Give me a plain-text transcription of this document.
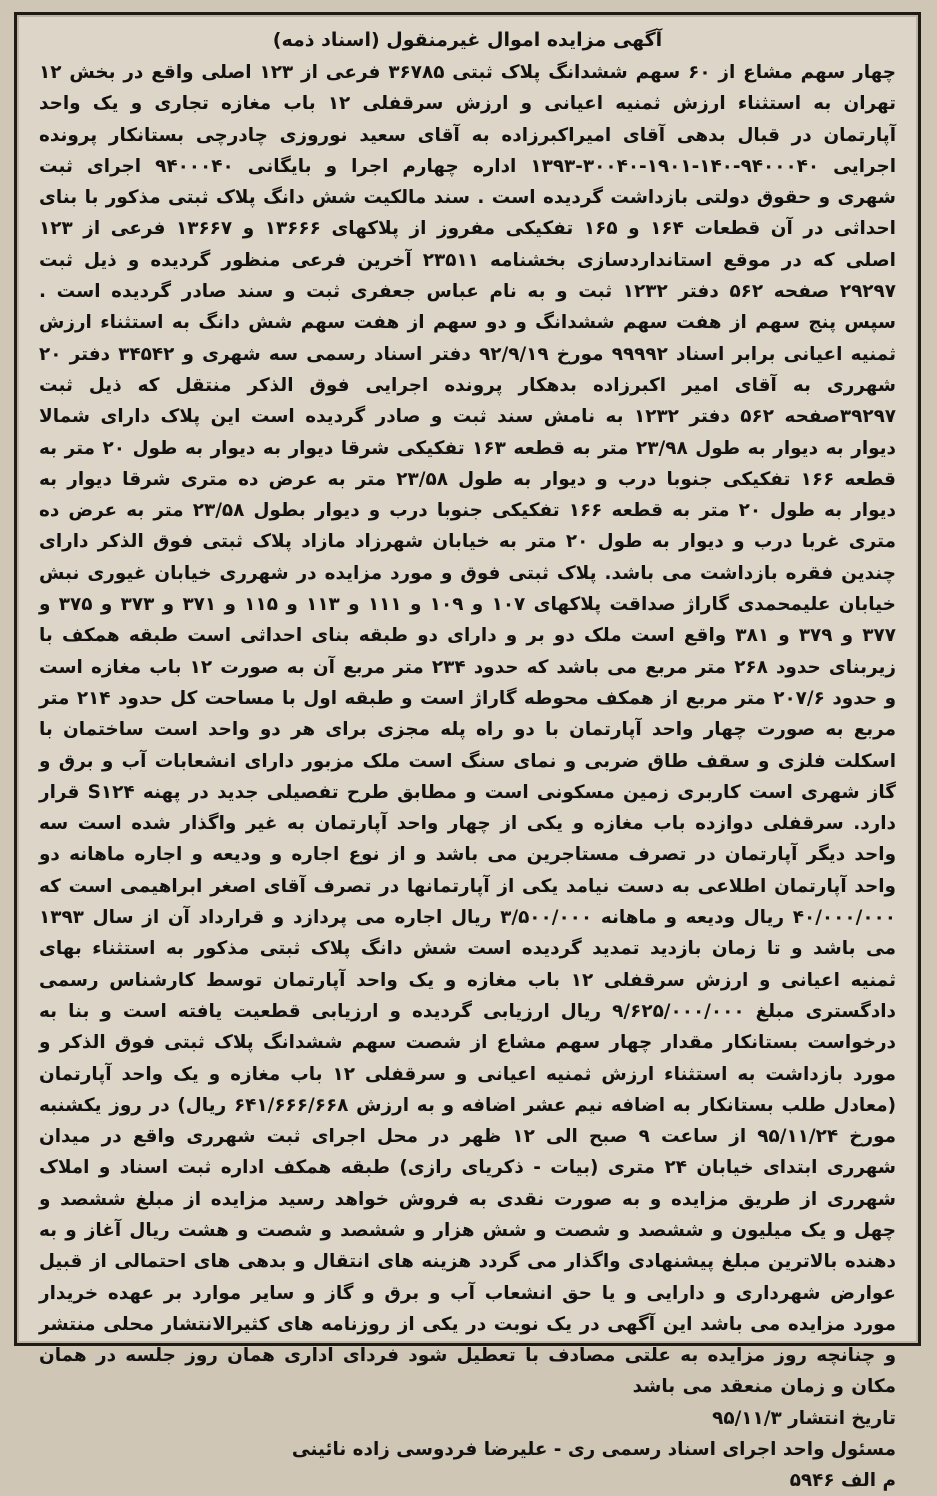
آگهی مزایده اموال غیرمنقول (اسناد ذمه)

چهار سهم مشاع از ۶۰ سهم ششدانگ پلاک ثبتی ۳۶۷۸۵ فرعی از ۱۲۳ اصلی واقع در بخش ۱۲ تهران به استثناء ارزش ثمنیه اعیانی و ارزش سرقفلی ۱۲ باب مغازه تجاری و یک واحد آپارتمان در قبال بدهی آقای امیراکبرزاده به آقای سعید نوروزی چادرچی بستانکار پرونده اجرایی ۹۴۰۰۰۴۰-۱۴۰-۱۹۰۱-۳۰۰۴۰-۱۳۹۳ اداره چهارم اجرا و بایگانی ۹۴۰۰۰۴۰ اجرای ثبت شهری و حقوق دولتی بازداشت گردیده است . سند مالکیت شش دانگ پلاک ثبتی مذکور با بنای احداثی در آن قطعات ۱۶۴ و ۱۶۵ تفکیکی مفروز از پلاکهای ۱۳۶۶۶ و ۱۳۶۶۷ فرعی از ۱۲۳ اصلی که در موقع استانداردسازی بخشنامه ۲۳۵۱۱ آخرین فرعی منظور گردیده و ذیل ثبت ۲۹۲۹۷ صفحه ۵۶۲ دفتر ۱۲۳۲ ثبت و به نام عباس جعفری ثبت و سند صادر گردیده است . سپس پنج سهم از هفت سهم ششدانگ و دو سهم از هفت سهم شش دانگ به استثناء ارزش ثمنیه اعیانی برابر اسناد ۹۹۹۹۲ مورخ ۹۲/۹/۱۹ دفتر اسناد رسمی سه شهری و ۳۴۵۴۲ دفتر ۲۰ شهرری به آقای امیر اکبرزاده بدهکار پرونده اجرایی فوق الذکر منتقل که ذیل ثبت ۳۹۲۹۷صفحه ۵۶۲ دفتر ۱۲۳۲ به نامش سند ثبت و صادر گردیده است این پلاک دارای شمالا دیوار به دیوار به طول ۲۳/۹۸ متر به قطعه ۱۶۳ تفکیکی شرقا دیوار به دیوار به طول ۲۰ متر به قطعه ۱۶۶ تفکیکی جنوبا درب و دیوار به طول ۲۳/۵۸ متر به عرض ده متری شرقا دیوار به دیوار به طول ۲۰ متر به قطعه ۱۶۶ تفکیکی جنوبا درب و دیوار بطول ۲۳/۵۸ متر به عرض ده متری غربا درب و دیوار به طول ۲۰ متر به خیابان شهرزاد مازاد پلاک ثبتی فوق الذکر دارای چندین فقره بازداشت می باشد. پلاک ثبتی فوق و مورد مزایده در شهرری خیابان غیوری نبش خیابان علیمحمدی گاراژ صداقت پلاکهای ۱۰۷ و ۱۰۹ و ۱۱۱ و ۱۱۳ و ۱۱۵ و ۳۷۱ و ۳۷۳ و ۳۷۵ و ۳۷۷ و ۳۷۹ و ۳۸۱ واقع است ملک دو بر و دارای دو طبقه بنای احداثی است طبقه همکف با زیربنای حدود ۲۶۸ متر مربع می باشد که حدود ۲۳۴ متر مربع آن به صورت ۱۲ باب مغازه است و حدود ۲۰۷/۶ متر مربع از همکف محوطه گاراژ است و طبقه اول با مساحت کل حدود ۲۱۴ متر مربع به صورت چهار واحد آپارتمان با دو راه پله مجزی برای هر دو واحد است ساختمان با اسکلت فلزی و سقف طاق ضربی و نمای سنگ است ملک مزبور دارای انشعابات آب و برق و گاز شهری است کاربری زمین مسکونی است و مطابق طرح تفصیلی جدید در پهنه S۱۲۴ قرار دارد. سرقفلی دوازده باب مغازه و یکی از چهار واحد آپارتمان به غیر واگذار شده است سه واحد دیگر آپارتمان در تصرف مستاجرین می باشد و از نوع اجاره و ودیعه و اجاره ماهانه دو واحد آپارتمان اطلاعی به دست نیامد یکی از آپارتمانها در تصرف آقای اصغر ابراهیمی است که ۴۰/۰۰۰/۰۰۰ ریال ودیعه و ماهانه ۳/۵۰۰/۰۰۰ ریال اجاره می پردازد و قرارداد آن از سال ۱۳۹۳ می باشد و تا زمان بازدید تمدید گردیده است شش دانگ پلاک ثبتی مذکور به استثناء بهای ثمنیه اعیانی و ارزش سرقفلی ۱۲ باب مغازه و یک واحد آپارتمان توسط کارشناس رسمی دادگستری مبلغ ۹/۶۲۵/۰۰۰/۰۰۰ ریال ارزیابی گردیده و ارزیابی قطعیت یافته است و بنا به درخواست بستانکار مقدار چهار سهم مشاع از شصت سهم ششدانگ پلاک ثبتی فوق الذکر و مورد بازداشت به استثناء ارزش ثمنیه اعیانی و سرقفلی ۱۲ باب مغازه و یک واحد آپارتمان (معادل طلب بستانکار به اضافه نیم عشر اضافه و به ارزش ۶۴۱/۶۶۶/۶۶۸ ریال) در روز یکشنبه مورخ ۹۵/۱۱/۲۴ از ساعت ۹ صبح الی ۱۲ ظهر در محل اجرای ثبت شهرری واقع در میدان شهرری ابتدای خیابان ۲۴ متری (بیات - ذکریای رازی) طبقه همکف اداره ثبت اسناد و املاک شهرری از طریق مزایده و به صورت نقدی به فروش خواهد رسید مزایده از مبلغ ششصد و چهل و یک میلیون و ششصد و شصت و شش هزار و ششصد و شصت و هشت ریال آغاز و به دهنده بالاترین مبلغ پیشنهادی واگذار می گردد هزینه های انتقال و بدهی های احتمالی از قبیل عوارض شهرداری و دارایی و یا حق انشعاب آب و برق و گاز و سایر موارد بر عهده خریدار مورد مزایده می باشد این آگهی در یک نوبت در یکی از روزنامه های کثیرالانتشار محلی منتشر و چنانچه روز مزایده به علتی مصادف با تعطیل شود فردای اداری همان روز جلسه در همان مکان و زمان منعقد می باشد

تاریخ انتشار ۹۵/۱۱/۳
مسئول واحد اجرای اسناد رسمی ری - علیرضا فردوسی زاده نائینی
م الف ۵۹۴۶
